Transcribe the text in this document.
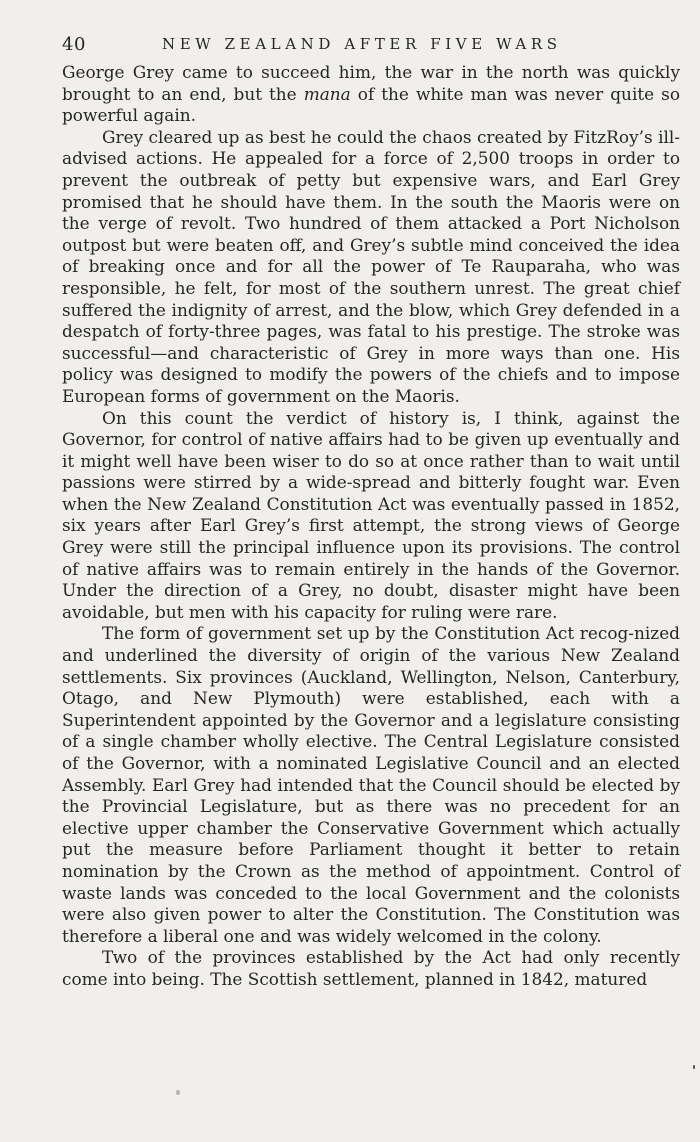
40	NEW ZEALAND AFTER FIVE WARS

George Grey came to succeed him, the war in the north was quickly brought to an end, but the mana of the white man was never quite so powerful again.

Grey cleared up as best he could the chaos created by FitzRoy’s ill-advised actions. He appealed for a force of 2,500 troops in order to prevent the outbreak of petty but expensive wars, and Earl Grey promised that he should have them. In the south the Maoris were on the verge of revolt. Two hundred of them attacked a Port Nicholson outpost but were beaten off, and Grey’s subtle mind conceived the idea of breaking once and for all the power of Te Rauparaha, who was responsible, he felt, for most of the southern unrest. The great chief suffered the indignity of arrest, and the blow, which Grey defended in a despatch of forty-three pages, was fatal to his prestige. The stroke was successful—and characteristic of Grey in more ways than one. His policy was designed to modify the powers of the chiefs and to impose European forms of government on the Maoris.

On this count the verdict of history is, I think, against the Governor, for control of native affairs had to be given up eventually and it might well have been wiser to do so at once rather than to wait until passions were stirred by a wide-spread and bitterly fought war. Even when the New Zealand Constitution Act was eventually passed in 1852, six years after Earl Grey’s first attempt, the strong views of George Grey were still the principal influence upon its provisions. The control of native affairs was to remain entirely in the hands of the Governor. Under the direction of a Grey, no doubt, disaster might have been avoidable, but men with his capacity for ruling were rare.

The form of government set up by the Constitution Act recog-nized and underlined the diversity of origin of the various New Zealand settlements. Six provinces (Auckland, Wellington, Nelson, Canterbury, Otago, and New Plymouth) were established, each with a Superintendent appointed by the Governor and a legislature consisting of a single chamber wholly elective. The Central Legislature consisted of the Governor, with a nominated Legislative Council and an elected Assembly. Earl Grey had intended that the Council should be elected by the Provincial Legislature, but as there was no precedent for an elective upper chamber the Conservative Government which actually put the measure before Parliament thought it better to retain nomination by the Crown as the method of appointment. Control of waste lands was conceded to the local Government and the colonists were also given power to alter the Constitution. The Constitution was therefore a liberal one and was widely welcomed in the colony.

Two of the provinces established by the Act had only recently come into being. The Scottish settlement, planned in 1842, matured
